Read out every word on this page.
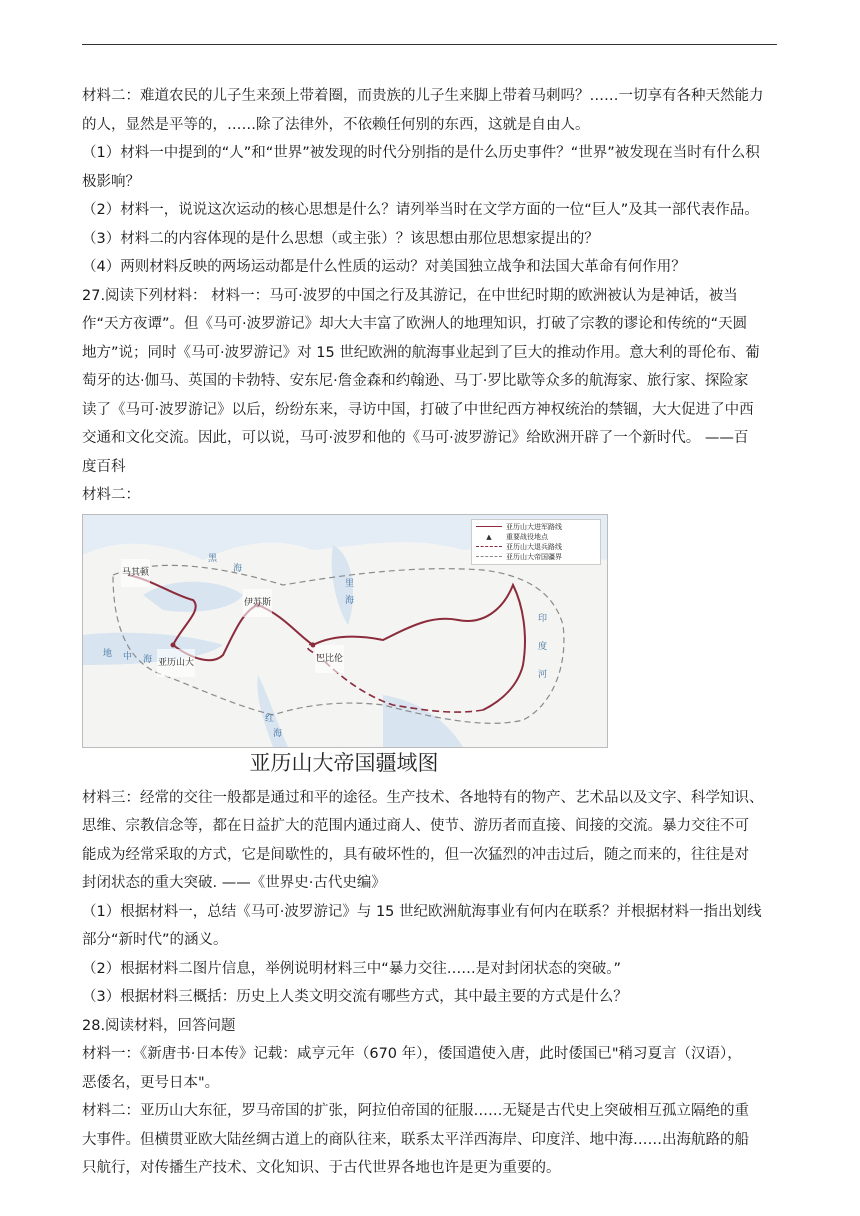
材料二：难道农民的儿子生来颈上带着圈，而贵族的儿子生来脚上带着马刺吗？……一切享有各种天然能力

的人，显然是平等的，……除了法律外，不依赖任何别的东西，这就是自由人。

（1）材料一中提到的“人”和“世界”被发现的时代分别指的是什么历史事件？“世界”被发现在当时有什么积

极影响？

（2）材料一，说说这次运动的核心思想是什么？请列举当时在文学方面的一位“巨人”及其一部代表作品。

（3）材料二的内容体现的是什么思想（或主张）？该思想由那位思想家提出的？

（4）两则材料反映的两场运动都是什么性质的运动？对美国独立战争和法国大革命有何作用？

27.阅读下列材料： 材料一：马可·波罗的中国之行及其游记，在中世纪时期的欧洲被认为是神话，被当

作“天方夜谭”。但《马可·波罗游记》却大大丰富了欧洲人的地理知识，打破了宗教的谬论和传统的“天圆

地方”说；同时《马可·波罗游记》对 15 世纪欧洲的航海事业起到了巨大的推动作用。意大利的哥伦布、葡

萄牙的达·伽马、英国的卡勃特、安东尼·詹金森和约翰逊、马丁·罗比歇等众多的航海家、旅行家、探险家

读了《马可·波罗游记》以后，纷纷东来，寻访中国，打破了中世纪西方神权统治的禁锢，大大促进了中西

交通和文化交流。因此，可以说，马可·波罗和他的《马可·波罗游记》给欧洲开辟了一个新时代。 ——百

度百科

材料二：

亚历山大进军路线
▲	重要战役地点
亚历山大退兵路线
亚历山大帝国疆界
马其顿
伊苏斯
亚历山大	巴比伦
黑
海
里
海
红
海
地 中 海
印
度
河

亚历山大帝国疆域图

材料三：经常的交往一般都是通过和平的途径。生产技术、各地特有的物产、艺术品以及文字、科学知识、

思维、宗教信念等，都在日益扩大的范围内通过商人、使节、游历者而直接、间接的交流。暴力交往不可

能成为经常采取的方式，它是间歇性的，具有破坏性的，但一次猛烈的冲击过后，随之而来的，往往是对

封闭状态的重大突破. ——《世界史·古代史编》

（1）根据材料一，总结《马可·波罗游记》与 15 世纪欧洲航海事业有何内在联系？并根据材料一指出划线

部分“新时代”的涵义。

（2）根据材料二图片信息，举例说明材料三中“暴力交往……是对封闭状态的突破。”

（3）根据材料三概括：历史上人类文明交流有哪些方式，其中最主要的方式是什么？

28.阅读材料，回答问题

材料一：《新唐书·日本传》记载：咸亨元年（670 年），倭国遣使入唐，此时倭国已"稍习夏言（汉语），

恶倭名，更号日本"。

材料二：亚历山大东征，罗马帝国的扩张，阿拉伯帝国的征服……无疑是古代史上突破相互孤立隔绝的重

大事件。但横贯亚欧大陆丝绸古道上的商队往来，联系太平洋西海岸、印度洋、地中海……出海航路的船

只航行，对传播生产技术、文化知识、于古代世界各地也许是更为重要的。
